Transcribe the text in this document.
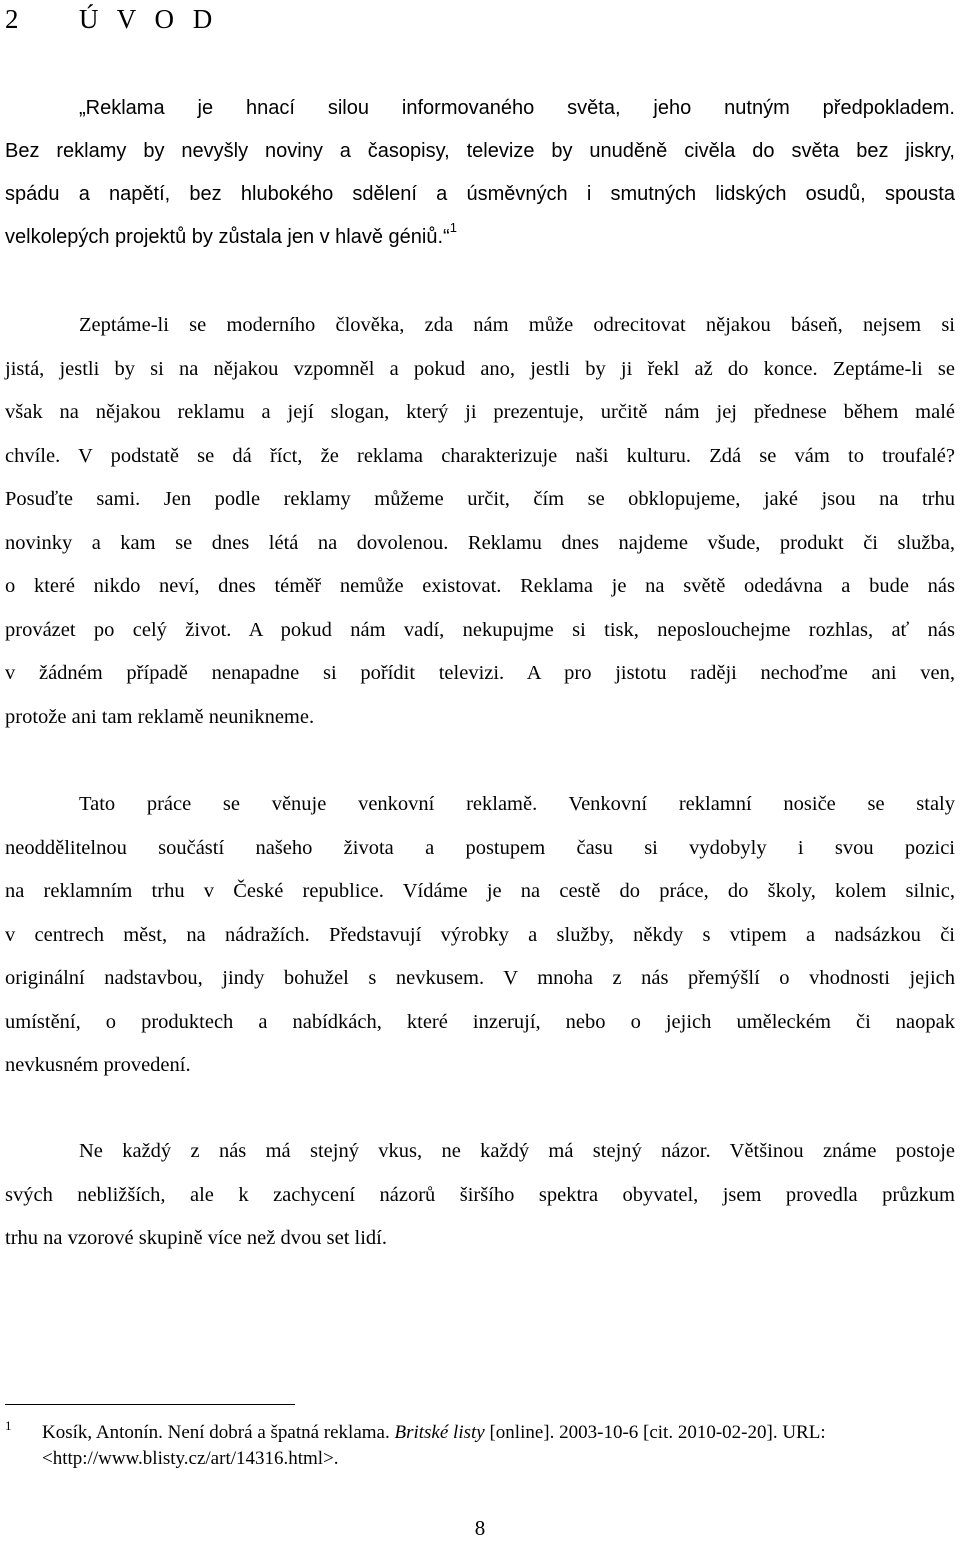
2 Ú V O D
„Reklama je hnací silou informovaného světa, jeho nutným předpokladem.
Bez reklamy by nevyšly noviny a časopisy, televize by unuděně civěla do světa bez jiskry,
spádu a napětí, bez hlubokého sdělení a úsměvných i smutných lidských osudů, spousta
velkolepých projektů by zůstala jen v hlavě géniů.“$^1$
Zeptáme-li se moderního člověka, zda nám může odrecitovat nějakou báseň, nejsem si
jistá, jestli by si na nějakou vzpomněl a pokud ano, jestli by ji řekl až do konce. Zeptáme-li se
však na nějakou reklamu a její slogan, který ji prezentuje, určitě nám jej přednese během malé
chvíle. V podstatě se dá říct, že reklama charakterizuje naši kulturu. Zdá se vám to troufalé?
Posuďte sami. Jen podle reklamy můžeme určit, čím se obklopujeme, jaké jsou na trhu
novinky a kam se dnes létá na dovolenou. Reklamu dnes najdeme všude, produkt či služba,
o které nikdo neví, dnes téměř nemůže existovat. Reklama je na světě odedávna a bude nás
provázet po celý život. A pokud nám vadí, nekupujme si tisk, neposlouchejme rozhlas, ať nás
v žádném případě nenapadne si pořídit televizi. A pro jistotu raději nechoďme ani ven,
protože ani tam reklamě neunikneme.
Tato práce se věnuje venkovní reklamě. Venkovní reklamní nosiče se staly
neoddělitelnou součástí našeho života a postupem času si vydobyly i svou pozici
na reklamním trhu v České republice. Vídáme je na cestě do práce, do školy, kolem silnic,
v centrech měst, na nádražích. Představují výrobky a služby, někdy s vtipem a nadsázkou či
originální nadstavbou, jindy bohužel s nevkusem. V mnoha z nás přemýšlí o vhodnosti jejich
umístění, o produktech a nabídkách, které inzerují, nebo o jejich uměleckém či naopak
nevkusném provedení.
Ne každý z nás má stejný vkus, ne každý má stejný názor. Většinou známe postoje
svých nebližších, ale k zachycení názorů širšího spektra obyvatel, jsem provedla průzkum
trhu na vzorové skupině více než dvou set lidí.
1 Kosík, Antonín. Není dobrá a špatná reklama. Britské listy [online]. 2003-10-6 [cit. 2010-02-20]. URL:
<http://www.blisty.cz/art/14316.html>.
8
